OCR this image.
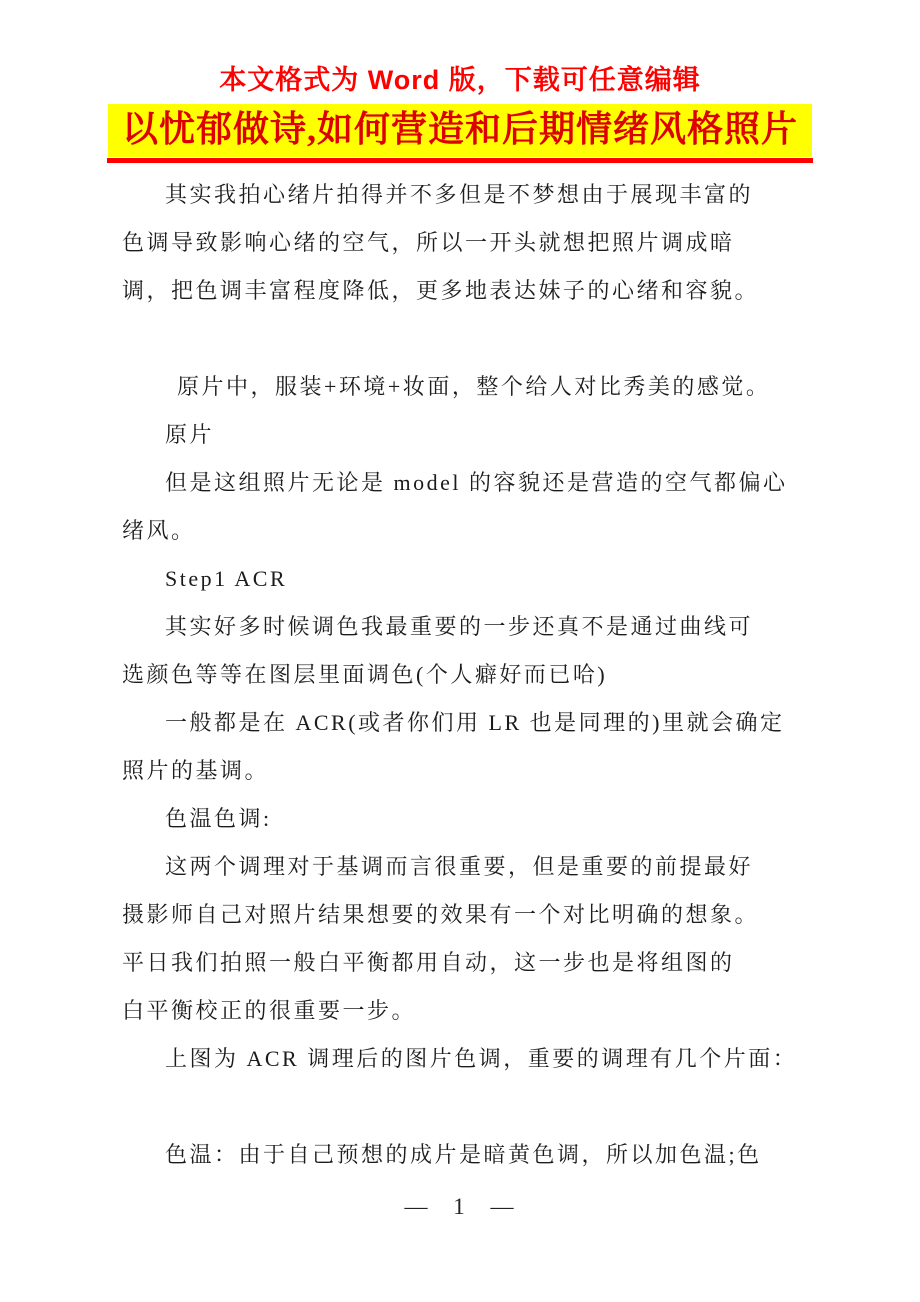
本文格式为 Word 版，下载可任意编辑
以忧郁做诗,如何营造和后期情绪风格照片
其实我拍心绪片拍得并不多但是不梦想由于展现丰富的
色调导致影响心绪的空气，所以一开头就想把照片调成暗
调，把色调丰富程度降低，更多地表达妹子的心绪和容貌。
原片中，服装+环境+妆面，整个给人对比秀美的感觉。
原片
但是这组照片无论是 model 的容貌还是营造的空气都偏心
绪风。
Step1 ACR
其实好多时候调色我最重要的一步还真不是通过曲线可
选颜色等等在图层里面调色(个人癖好而已哈)
一般都是在 ACR(或者你们用 LR 也是同理的)里就会确定
照片的基调。
色温色调:
这两个调理对于基调而言很重要，但是重要的前提最好
摄影师自己对照片结果想要的效果有一个对比明确的想象。
平日我们拍照一般白平衡都用自动，这一步也是将组图的
白平衡校正的很重要一步。
上图为 ACR 调理后的图片色调，重要的调理有几个片面：
色温：由于自己预想的成片是暗黄色调，所以加色温;色
— 1 —
